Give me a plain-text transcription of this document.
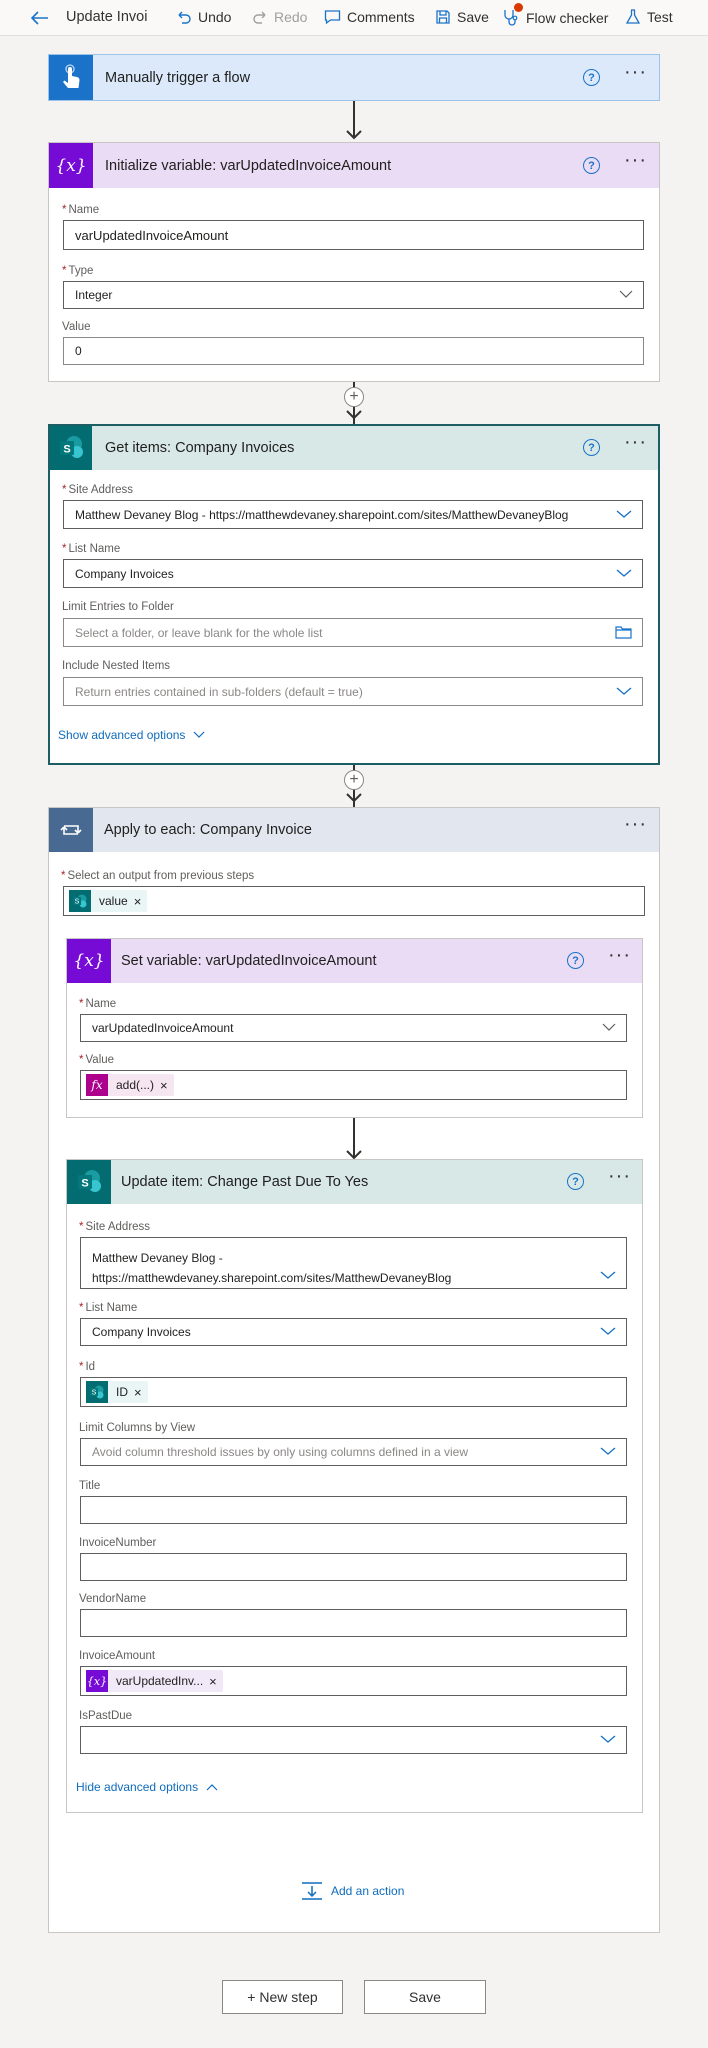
Update Invoi	Undo	Redo	Comments	Save	Flow checker	Test
Manually trigger a flow	? ···
{x} Initialize variable: varUpdatedInvoiceAmount	? ···
* Name
varUpdatedInvoiceAmount
* Type
Integer
Value
0
+
S Get items: Company Invoices	? ···
* Site Address
Matthew Devaney Blog - https://matthewdevaney.sharepoint.com/sites/MatthewDevaneyBlog
* List Name
Company Invoices
Limit Entries to Folder
Select a folder, or leave blank for the whole list
Include Nested Items
Return entries contained in sub-folders (default = true)
Show advanced options
+
Apply to each: Company Invoice	···
* Select an output from previous steps
S	value ×
{x} Set variable: varUpdatedInvoiceAmount	? ···
* Name
varUpdatedInvoiceAmount
* Value
fx	add(...) ×
S Update item: Change Past Due To Yes	? ···
* Site Address
Matthew Devaney Blog -
https://matthewdevaney.sharepoint.com/sites/MatthewDevaneyBlog
* List Name
Company Invoices
* Id
S	ID ×
Limit Columns by View
Avoid column threshold issues by only using columns defined in a view
Title
InvoiceNumber
VendorName
InvoiceAmount
{x} varUpdatedInv... ×
IsPastDue
Hide advanced options
Add an action
+ New step	Save
